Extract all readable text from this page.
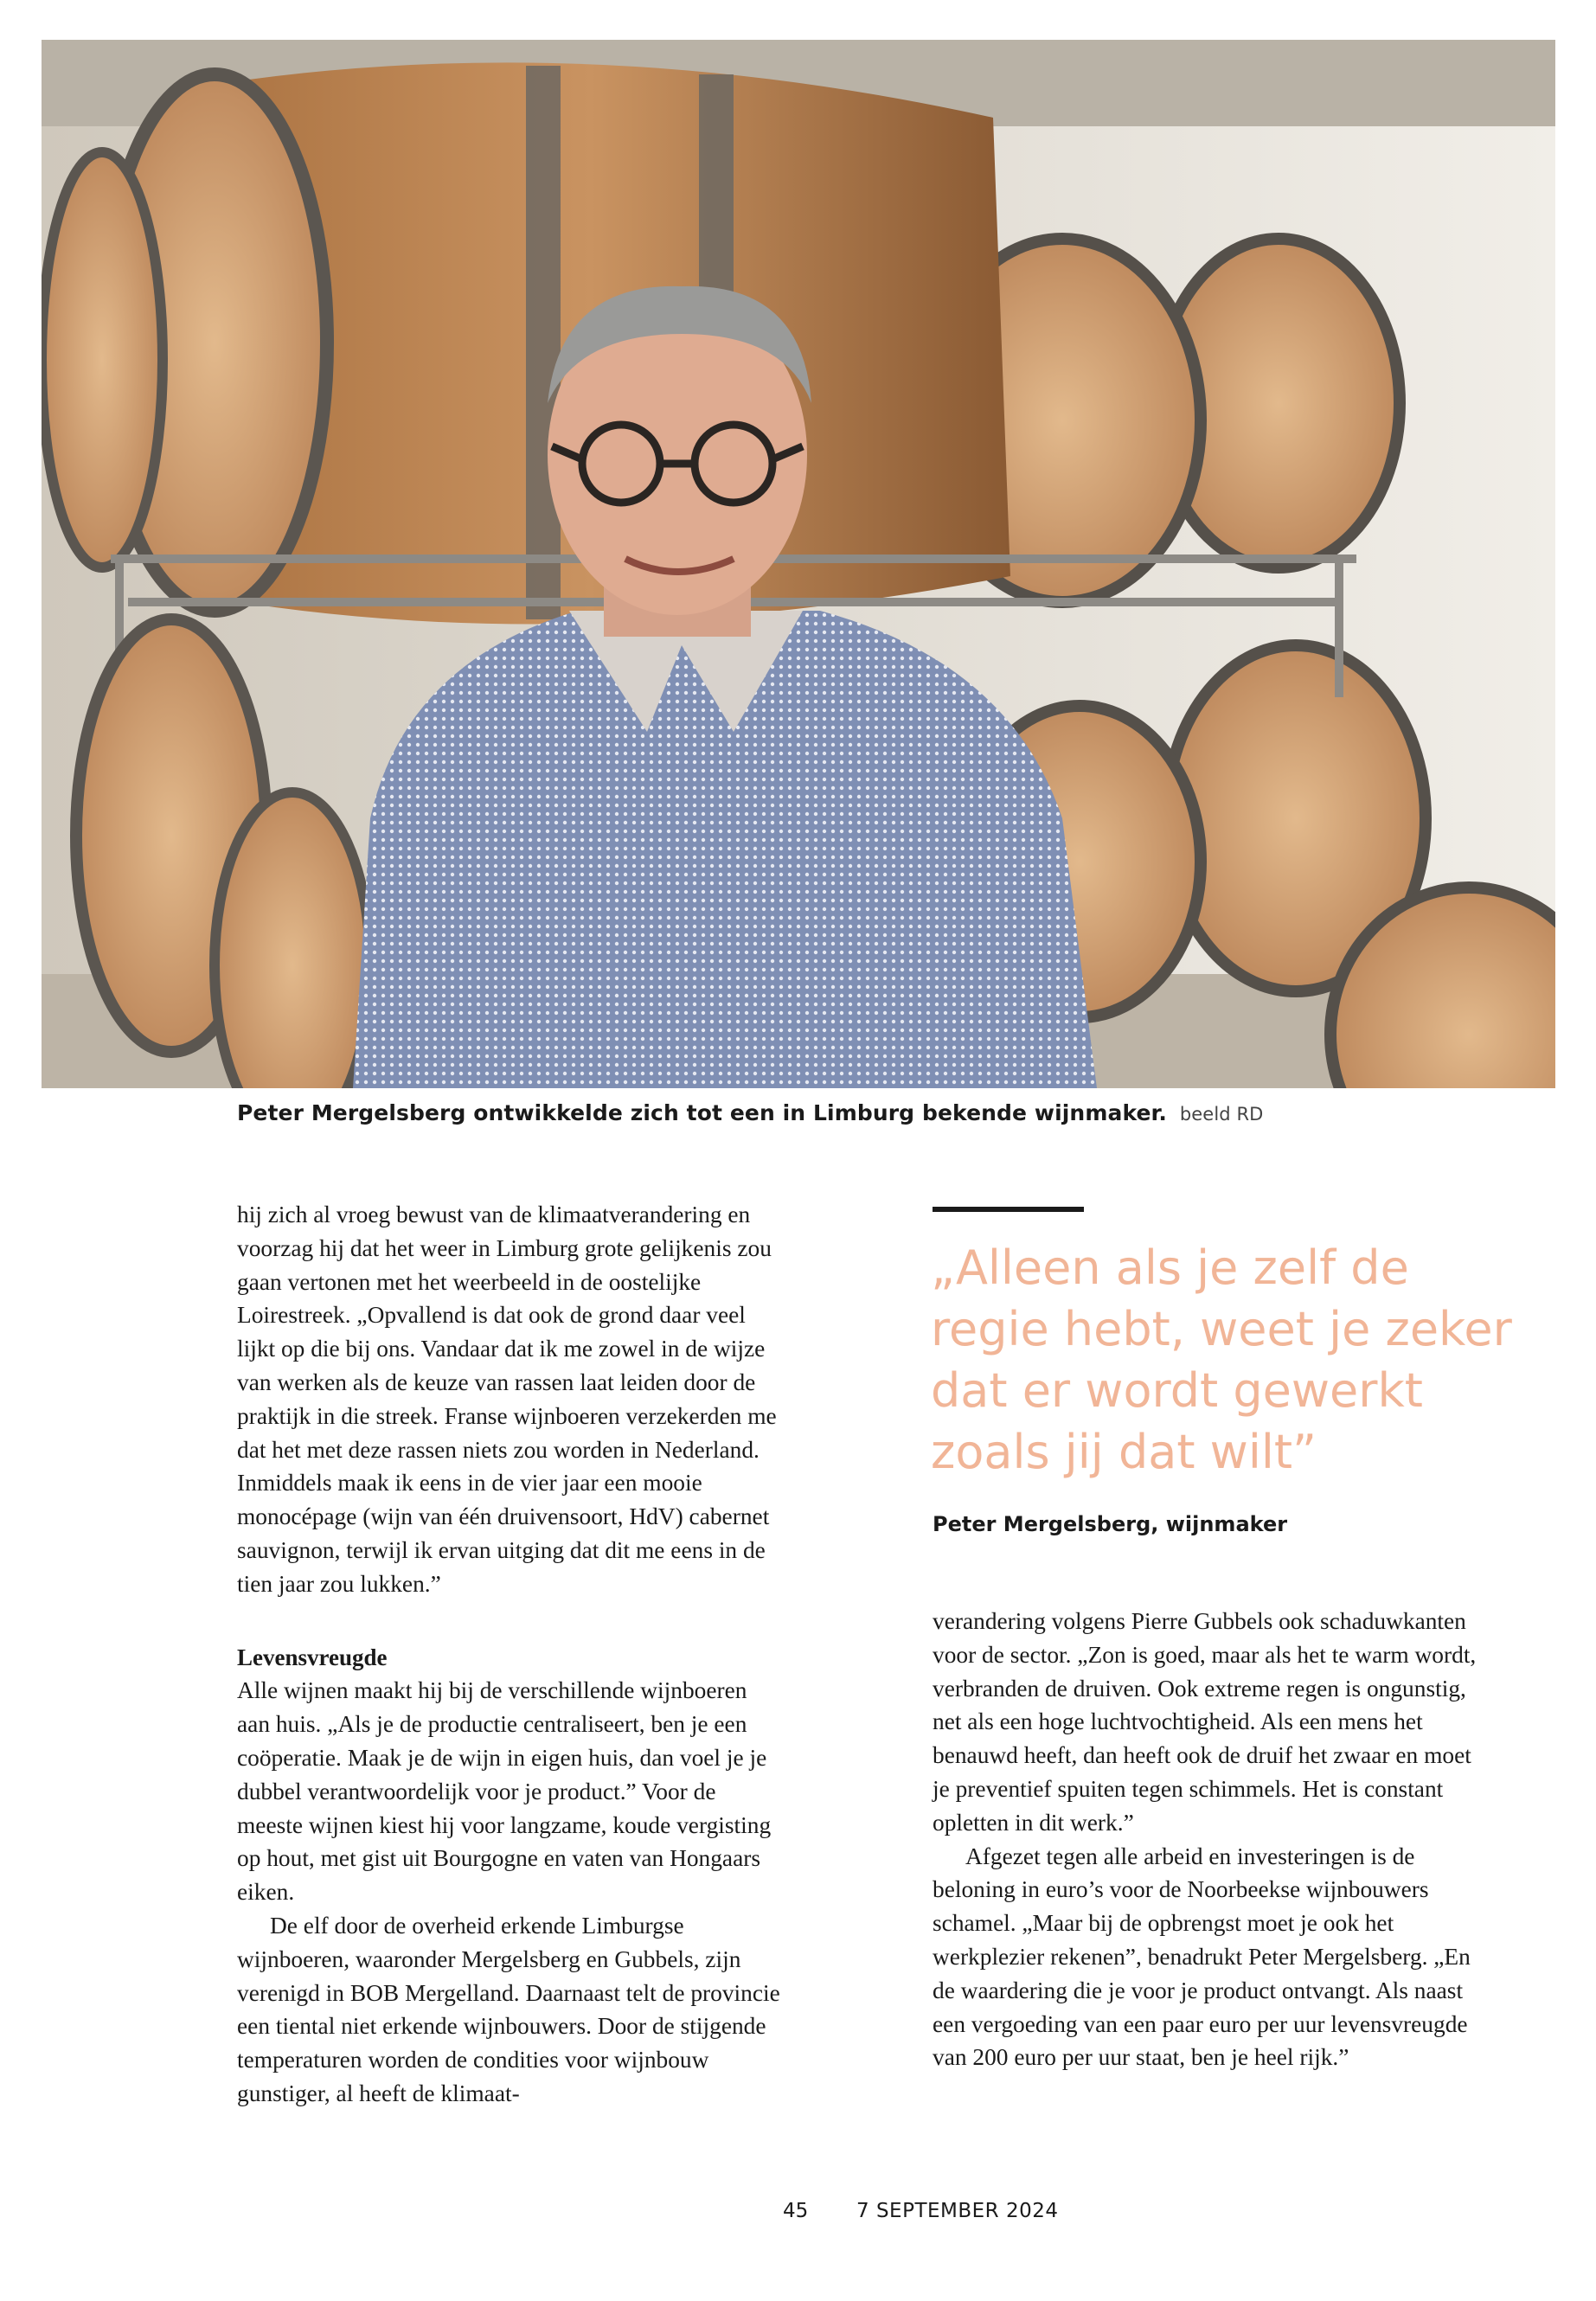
Peter Mergelsberg ontwikkelde zich tot een in Limburg bekende wijnmaker. beeld RD

hij zich al vroeg bewust van de klimaatverandering en voorzag hij dat het weer in Limburg grote gelijkenis zou gaan vertonen met het weerbeeld in de oostelijke Loirestreek. „Opvallend is dat ook de grond daar veel lijkt op die bij ons. Vandaar dat ik me zowel in de wijze van werken als de keuze van rassen laat leiden door de praktijk in die streek. Franse wijnboeren verzekerden me dat het met deze rassen niets zou worden in Nederland. Inmiddels maak ik eens in de vier jaar een mooie monocépage (wijn van één druivensoort, HdV) cabernet sauvignon, terwijl ik ervan uitging dat dit me eens in de tien jaar zou lukken.”

Levensvreugde

Alle wijnen maakt hij bij de verschillende wijnboeren aan huis. „Als je de productie centraliseert, ben je een coöperatie. Maak je de wijn in eigen huis, dan voel je je dubbel verantwoordelijk voor je product.” Voor de meeste wijnen kiest hij voor langzame, koude vergisting op hout, met gist uit Bourgogne en vaten van Hongaars eiken.

De elf door de overheid erkende Limburgse wijnboeren, waaronder Mergelsberg en Gubbels, zijn verenigd in BOB Mergelland. Daarnaast telt de provincie een tiental niet erkende wijnbouwers. Door de stijgende temperaturen worden de condities voor wijnbouw gunstiger, al heeft de klimaat-

„Alleen als je zelf de regie hebt, weet je zeker dat er wordt gewerkt zoals jij dat wilt”
Peter Mergelsberg, wijnmaker

verandering volgens Pierre Gubbels ook schaduwkanten voor de sector. „Zon is goed, maar als het te warm wordt, verbranden de druiven. Ook extreme regen is ongunstig, net als een hoge luchtvochtigheid. Als een mens het benauwd heeft, dan heeft ook de druif het zwaar en moet je preventief spuiten tegen schimmels. Het is constant opletten in dit werk.”

Afgezet tegen alle arbeid en investeringen is de beloning in euro’s voor de Noorbeekse wijnbouwers schamel. „Maar bij de opbrengst moet je ook het werkplezier rekenen”, benadrukt Peter Mergelsberg. „En de waardering die je voor je product ontvangt. Als naast een vergoeding van een paar euro per uur levensvreugde van 200 euro per uur staat, ben je heel rijk.”

45 7 SEPTEMBER 2024
